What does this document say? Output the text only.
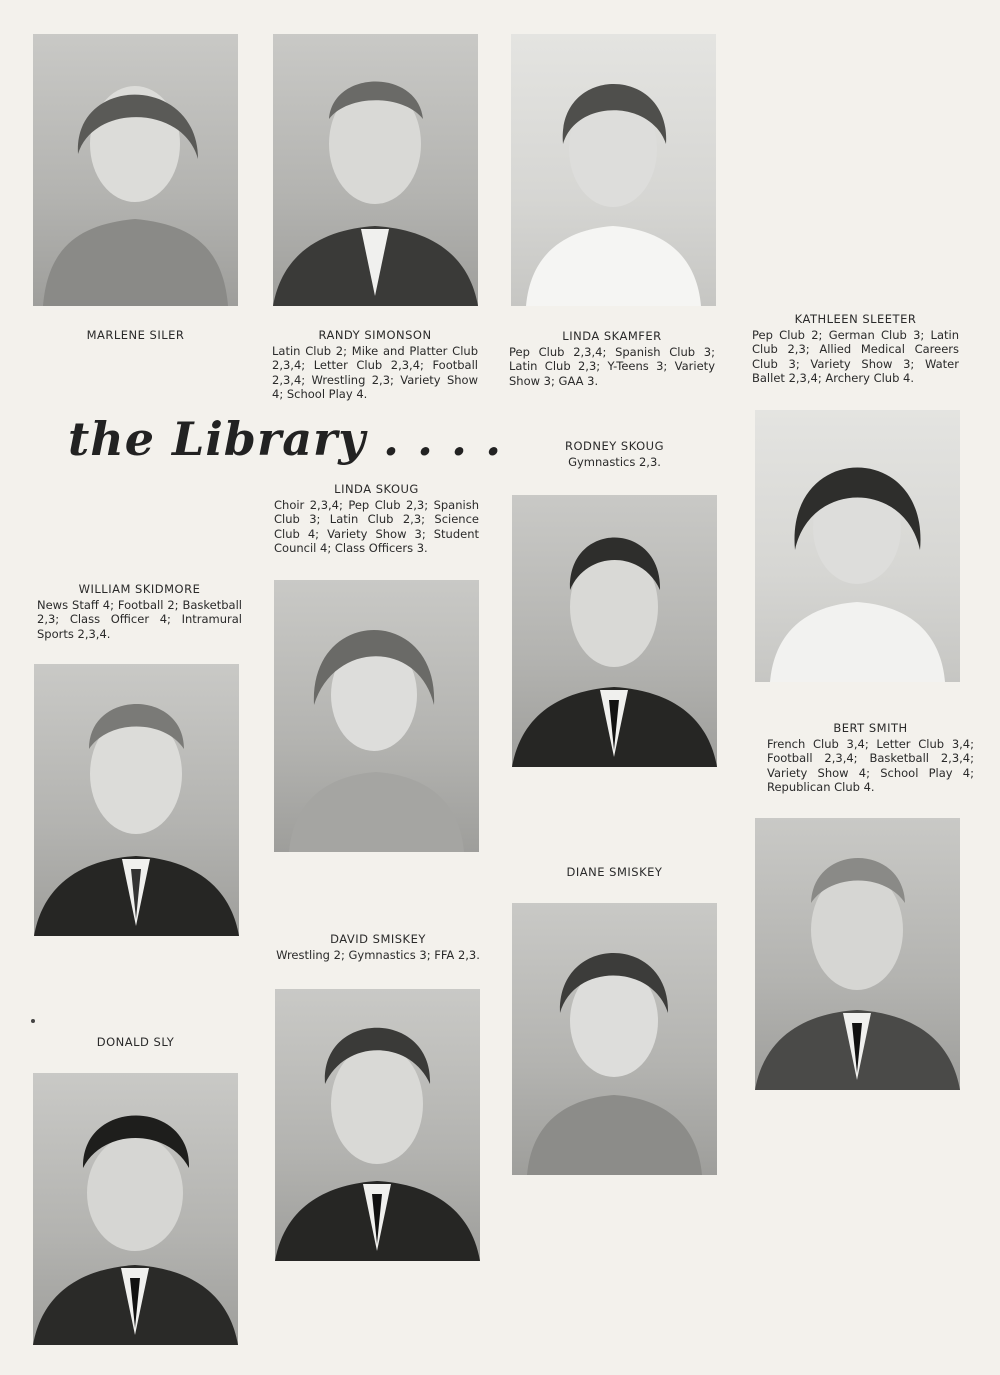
the Library . . . .
MARLENE SILER	RANDY SIMONSON
Latin Club 2; Mike and Platter Club 2,3,4; Letter Club 2,3,4; Football 2,3,4; Wrestling 2,3; Variety Show 4; School Play 4.
LINDA SKAMFER
Pep Club 2,3,4; Spanish Club 3; Latin Club 2,3; Y-Teens 3; Variety Show 3; GAA 3.
KATHLEEN SLEETER
Pep Club 2; German Club 3; Latin Club 2,3; Allied Medical Careers Club 3; Variety Show 3; Water Ballet 2,3,4; Archery Club 4.
RODNEY SKOUG
Gymnastics 2,3.
LINDA SKOUG
Choir 2,3,4; Pep Club 2,3; Spanish Club 3; Latin Club 2,3; Science Club 4; Variety Show 3; Student Council 4; Class Officers 3.
WILLIAM SKIDMORE
News Staff 4; Football 2; Basketball 2,3; Class Officer 4; Intramural Sports 2,3,4.
BERT SMITH
French Club 3,4; Letter Club 3,4; Football 2,3,4; Basketball 2,3,4; Variety Show 4; School Play 4; Republican Club 4.
DIANE SMISKEY
DAVID SMISKEY
Wrestling 2; Gymnastics 3; FFA 2,3.
DONALD SLY
